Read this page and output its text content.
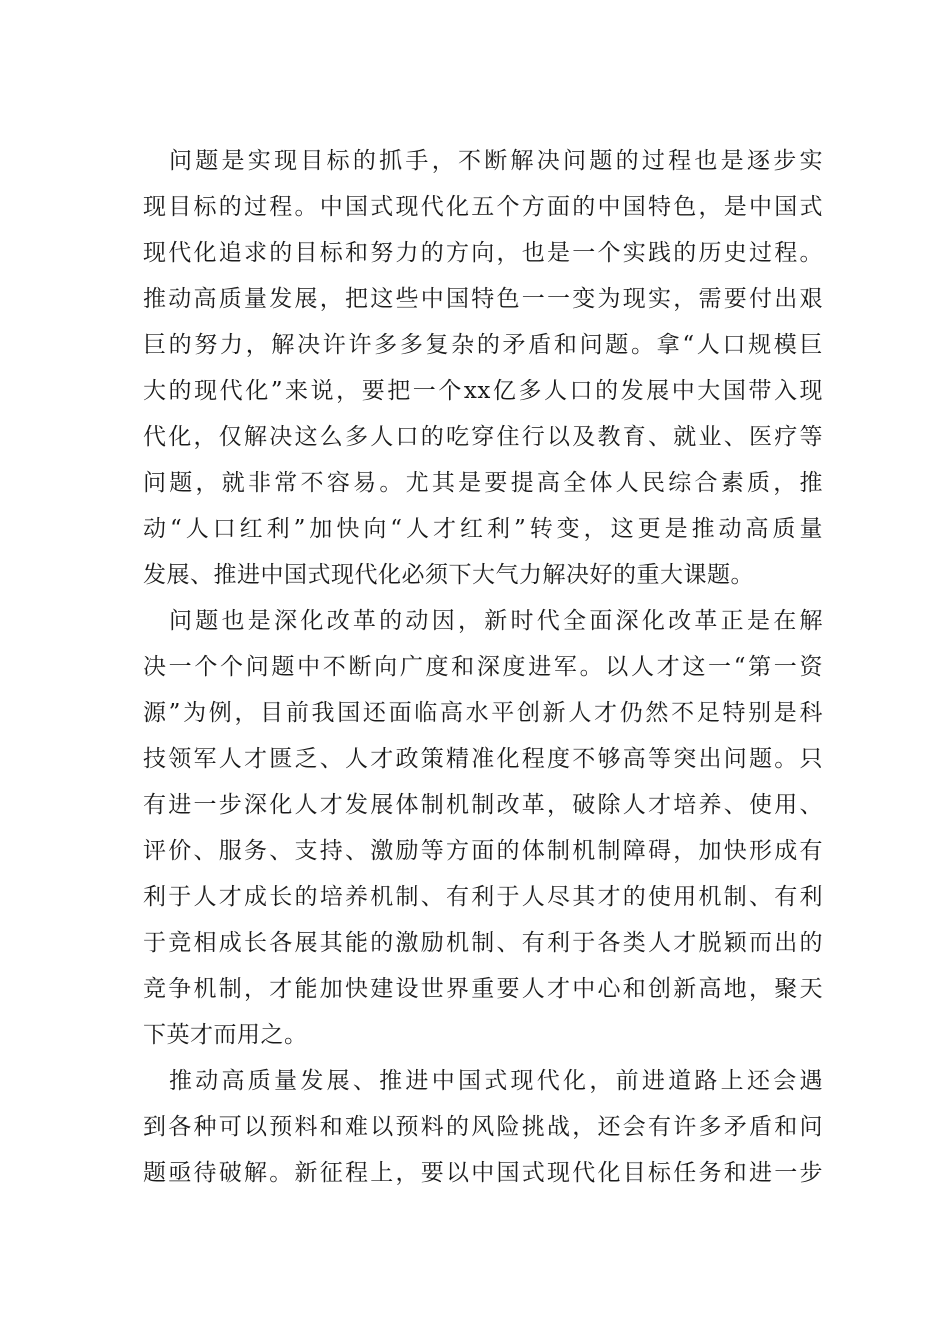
问题是实现目标的抓手，不断解决问题的过程也是逐步实
现目标的过程。中国式现代化五个方面的中国特色，是中国式
现代化追求的目标和努力的方向，也是一个实践的历史过程。
推动高质量发展，把这些中国特色一一变为现实，需要付出艰
巨的努力，解决许许多多复杂的矛盾和问题。拿“人口规模巨
大的现代化”来说，要把一个xx亿多人口的发展中大国带入现
代化，仅解决这么多人口的吃穿住行以及教育、就业、医疗等
问题，就非常不容易。尤其是要提高全体人民综合素质，推
动“人口红利”加快向“人才红利”转变，这更是推动高质量
发展、推进中国式现代化必须下大气力解决好的重大课题。

问题也是深化改革的动因，新时代全面深化改革正是在解
决一个个问题中不断向广度和深度进军。以人才这一“第一资
源”为例，目前我国还面临高水平创新人才仍然不足特别是科
技领军人才匮乏、人才政策精准化程度不够高等突出问题。只
有进一步深化人才发展体制机制改革，破除人才培养、使用、
评价、服务、支持、激励等方面的体制机制障碍，加快形成有
利于人才成长的培养机制、有利于人尽其才的使用机制、有利
于竞相成长各展其能的激励机制、有利于各类人才脱颖而出的
竞争机制，才能加快建设世界重要人才中心和创新高地，聚天
下英才而用之。

推动高质量发展、推进中国式现代化，前进道路上还会遇
到各种可以预料和难以预料的风险挑战，还会有许多矛盾和问
题亟待破解。新征程上，要以中国式现代化目标任务和进一步
